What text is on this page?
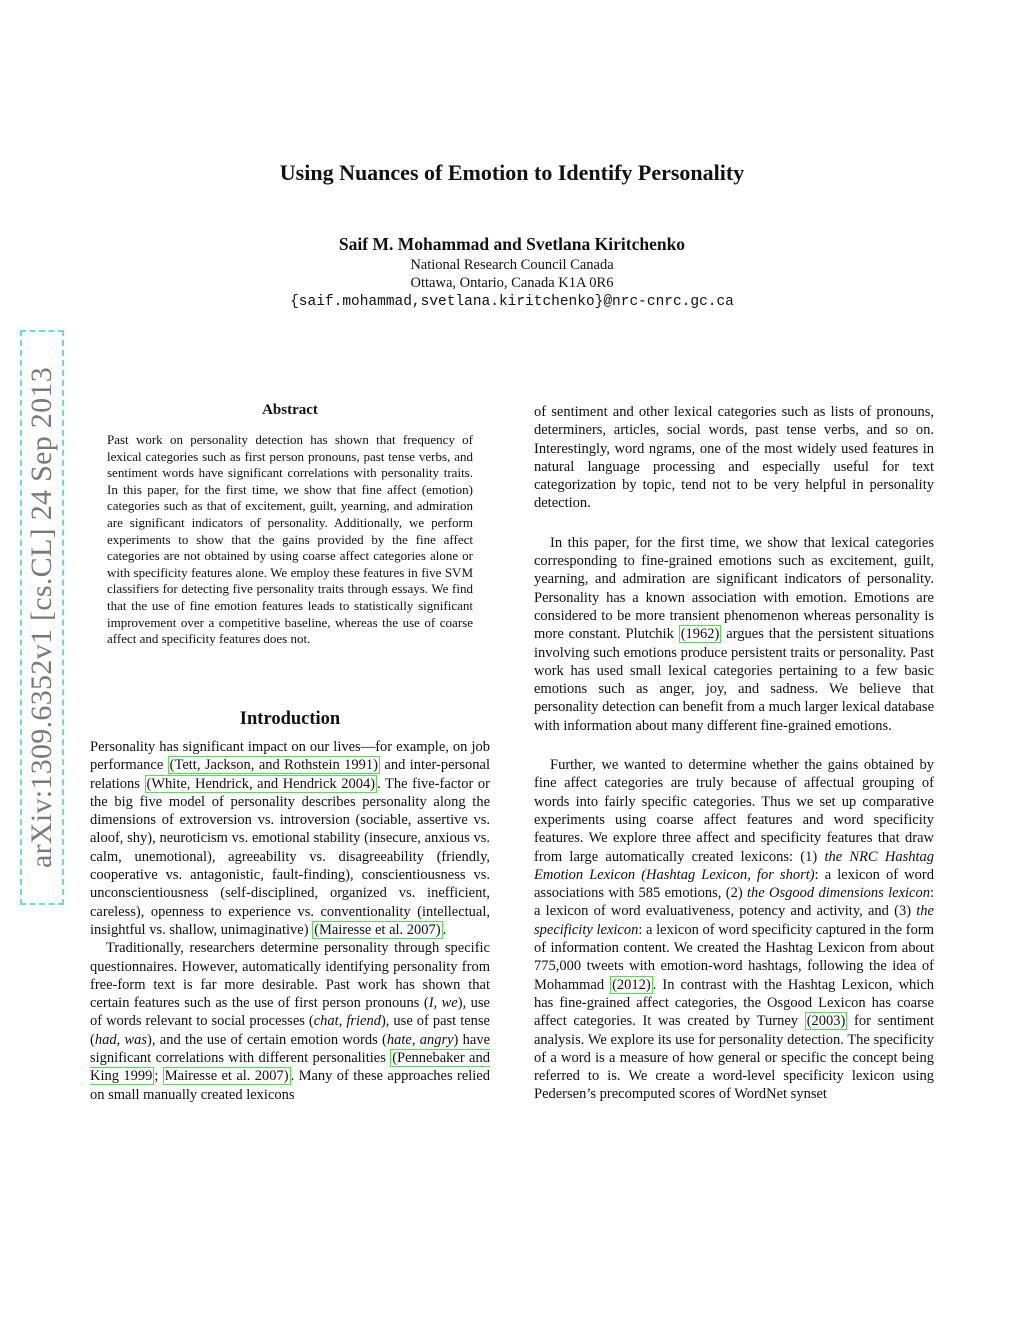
Using Nuances of Emotion to Identify Personality
Saif M. Mohammad and Svetlana Kiritchenko
National Research Council Canada
Ottawa, Ontario, Canada K1A 0R6
{saif.mohammad,svetlana.kiritchenko}@nrc-cnrc.gc.ca
arXiv:1309.6352v1 [cs.CL] 24 Sep 2013	Abstract
Past work on personality detection has shown that frequency of lexical categories such as first person pronouns, past tense verbs, and sentiment words have significant correlations with personality traits. In this paper, for the first time, we show that fine affect (emotion) categories such as that of excitement, guilt, yearning, and admiration are significant indicators of personality. Additionally, we perform experiments to show that the gains provided by the fine affect categories are not obtained by using coarse affect categories alone or with specificity features alone. We employ these features in five SVM classifiers for detecting five personality traits through essays. We find that the use of fine emotion features leads to statistically significant improvement over a competitive baseline, whereas the use of coarse affect and specificity features does not.
Introduction

Personality has significant impact on our lives—for example, on job performance (Tett, Jackson, and Rothstein 1991) and inter-personal relations (White, Hendrick, and Hendrick 2004) . The five-factor or the big five model of personality describes personality along the dimensions of extroversion vs. introversion (sociable, assertive vs. aloof, shy), neuroticism vs. emotional stability (insecure, anxious vs. calm, unemotional), agreeability vs. disagreeability (friendly, cooperative vs. antagonistic, fault-finding), conscientiousness vs. unconscientiousness (self-disciplined, organized vs. inefficient, careless), openness to experience vs. conventionality (intellectual, insightful vs. shallow, unimaginative) (Mairesse et al. 2007) .

Traditionally, researchers determine personality through specific questionnaires. However, automatically identifying personality from free-form text is far more desirable. Past work has shown that certain features such as the use of first person pronouns (I, we), use of words relevant to social processes (chat, friend), use of past tense (had, was), and the use of certain emotion words (hate, angry) have significant correlations with different personalities (Pennebaker and King 1999 ; Mairesse et al. 2007) . Many of these approaches relied on small manually created lexicons

of sentiment and other lexical categories such as lists of pronouns, determiners, articles, social words, past tense verbs, and so on. Interestingly, word ngrams, one of the most widely used features in natural language processing and especially useful for text categorization by topic, tend not to be very helpful in personality detection.

In this paper, for the first time, we show that lexical categories corresponding to fine-grained emotions such as excitement, guilt, yearning, and admiration are significant indicators of personality. Personality has a known association with emotion. Emotions are considered to be more transient phenomenon whereas personality is more constant. Plutchik (1962) argues that the persistent situations involving such emotions produce persistent traits or personality. Past work has used small lexical categories pertaining to a few basic emotions such as anger, joy, and sadness. We believe that personality detection can benefit from a much larger lexical database with information about many different fine-grained emotions.

Further, we wanted to determine whether the gains obtained by fine affect categories are truly because of affectual grouping of words into fairly specific categories. Thus we set up comparative experiments using coarse affect features and word specificity features. We explore three affect and specificity features that draw from large automatically created lexicons: (1) the NRC Hashtag Emotion Lexicon (Hashtag Lexicon, for short): a lexicon of word associations with 585 emotions, (2) the Osgood dimensions lexicon: a lexicon of word evaluativeness, potency and activity, and (3) the specificity lexicon: a lexicon of word specificity captured in the form of information content. We created the Hashtag Lexicon from about 775,000 tweets with emotion-word hashtags, following the idea of Mohammad (2012) . In contrast with the Hashtag Lexicon, which has fine-grained affect categories, the Osgood Lexicon has coarse affect categories. It was created by Turney (2003) for sentiment analysis. We explore its use for personality detection. The specificity of a word is a measure of how general or specific the concept being referred to is. We create a word-level specificity lexicon using Pedersen’s precomputed scores of WordNet synset
